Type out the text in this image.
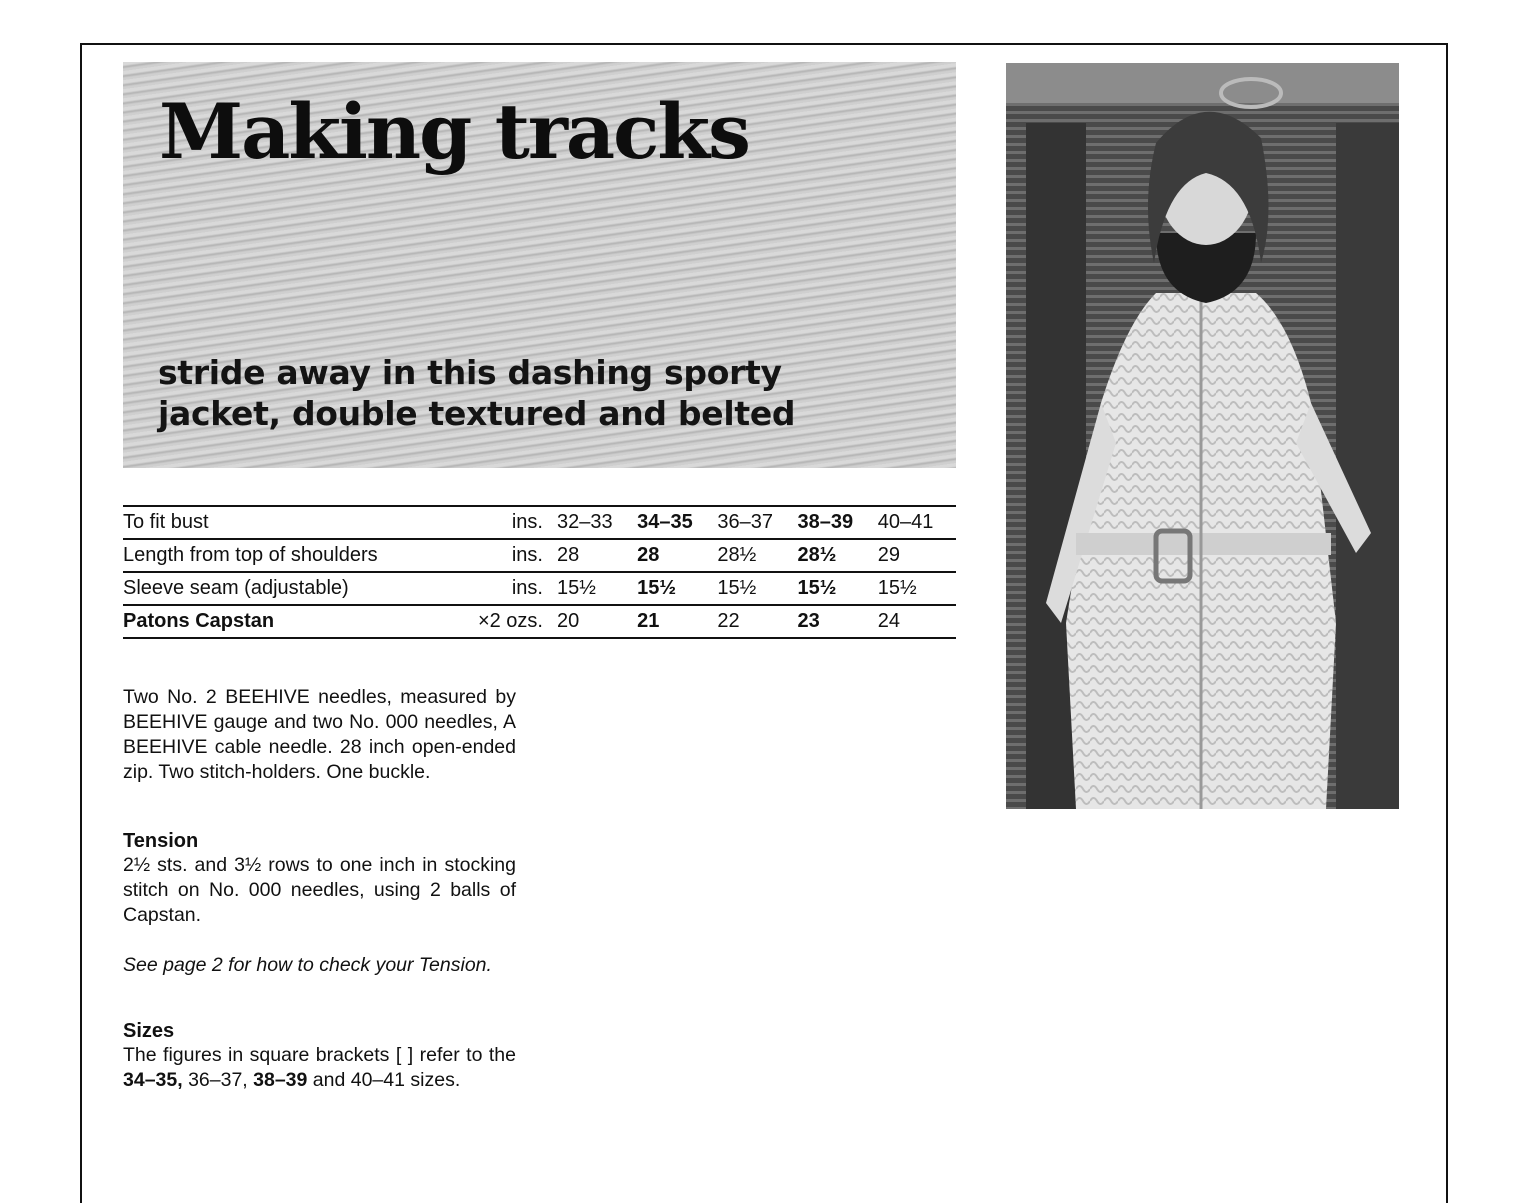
Making tracks

stride away in this dashing sporty
jacket, double textured and belted

To fit bust	ins.	32–33	34–35	36–37	38–39	40–41
Length from top of shoulders	ins.	28	28	28½	28½	29
Sleeve seam (adjustable)	ins.	15½	15½	15½	15½	15½
Patons Capstan	×2 ozs.	20	21	22	23	24

Two No. 2 BEEHIVE needles, measured by BEEHIVE gauge and two No. 000 needles, A BEEHIVE cable needle. 28 inch open-ended zip. Two stitch-holders. One buckle.

Tension

2½ sts. and 3½ rows to one inch in stocking stitch on No. 000 needles, using 2 balls of Capstan.

See page 2 for how to check your Tension.

Sizes

The figures in square brackets [ ] refer to the 34–35, 36–37, 38–39 and 40–41 sizes.
